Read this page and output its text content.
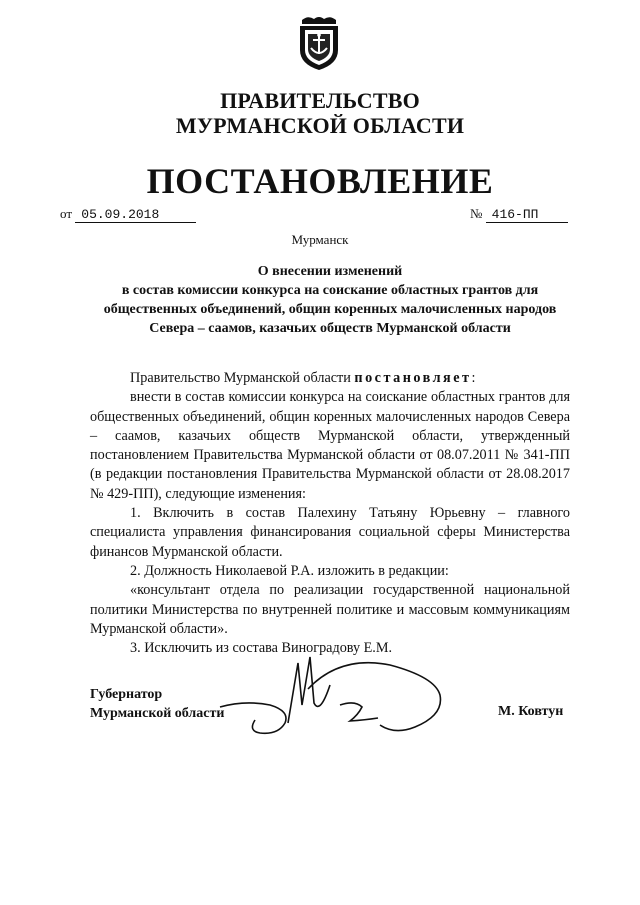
ПРАВИТЕЛЬСТВО
МУРМАНСКОЙ ОБЛАСТИ
ПОСТАНОВЛЕНИЕ
от 05.09.2018	№ 416-ПП
Мурманск
О внесении изменений
в состав комиссии конкурса на соискание областных грантов для
общественных объединений, общин коренных малочисленных народов
Севера – саамов, казачьих обществ Мурманской области

Правительство Мурманской области постановляет:

внести в состав комиссии конкурса на соискание областных грантов для общественных объединений, общин коренных малочисленных народов Севера – саамов, казачьих обществ Мурманской области, утвержденный постановлением Правительства Мурманской области от 08.07.2011 № 341-ПП (в редакции постановления Правительства Мурманской области от 28.08.2017 № 429-ПП), следующие изменения:

1. Включить в состав Палехину Татьяну Юрьевну – главного специалиста управления финансирования социальной сферы Министерства финансов Мурманской области.

2. Должность Николаевой Р.А. изложить в редакции:

«консультант отдела по реализации государственной национальной политики Министерства по внутренней политике и массовым коммуникациям Мурманской области».

3. Исключить из состава Виноградову Е.М.

Губернатор
Мурманской области	М. Ковтун
